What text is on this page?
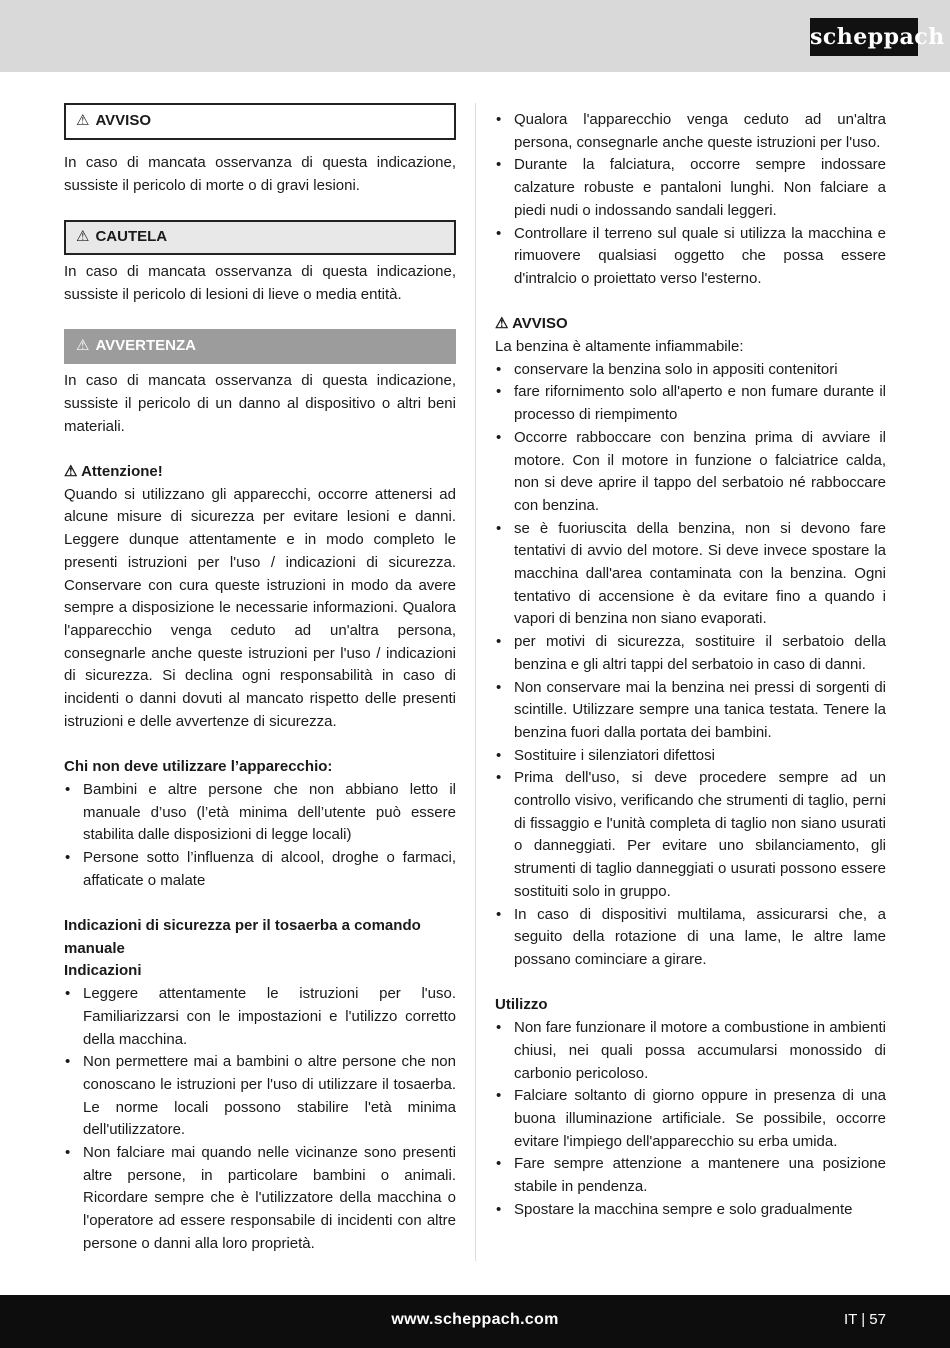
scheppach
⚠ AVVISO

In caso di mancata osservanza di questa indicazione, sussiste il pericolo di morte o di gravi lesioni.

⚠ CAUTELA

In caso di mancata osservanza di questa indicazione, sussiste il pericolo di lesioni di lieve o media entità.

⚠ AVVERTENZA

In caso di mancata osservanza di questa indicazione, sussiste il pericolo di un danno al dispositivo o altri beni materiali.

⚠ Attenzione!

Quando si utilizzano gli apparecchi, occorre attenersi ad alcune misure di sicurezza per evitare lesioni e danni. Leggere dunque attentamente e in modo completo le presenti istruzioni per l'uso / indicazioni di sicurezza. Conservare con cura queste istruzioni in modo da avere sempre a disposizione le necessarie informazioni. Qualora l'apparecchio venga ceduto ad un'altra persona, consegnarle anche queste istruzioni per l'uso / indicazioni di sicurezza. Si declina ogni responsabilità in caso di incidenti o danni dovuti al mancato rispetto delle presenti istruzioni e delle avvertenze di sicurezza.

Chi non deve utilizzare l’apparecchio:

• Bambini e altre persone che non abbiano letto il manuale d’uso (l’età minima dell’utente può essere stabilita dalle disposizioni di legge locali)
• Persone sotto l’influenza di alcool, droghe o farmaci, affaticate o malate

Indicazioni di sicurezza per il tosaerba a comando manuale

Indicazioni

• Leggere attentamente le istruzioni per l'uso. Familiarizzarsi con le impostazioni e l'utilizzo corretto della macchina.
• Non permettere mai a bambini o altre persone che non conoscano le istruzioni per l'uso di utilizzare il tosaerba. Le norme locali possono stabilire l'età minima dell'utilizzatore.
• Non falciare mai quando nelle vicinanze sono presenti altre persone, in particolare bambini o animali. Ricordare sempre che è l'utilizzatore della macchina o l'operatore ad essere responsabile di incidenti con altre persone o danni alla loro proprietà.
• Qualora l'apparecchio venga ceduto ad un'altra persona, consegnarle anche queste istruzioni per l'uso.
• Durante la falciatura, occorre sempre indossare calzature robuste e pantaloni lunghi. Non falciare a piedi nudi o indossando sandali leggeri.
• Controllare il terreno sul quale si utilizza la macchina e rimuovere qualsiasi oggetto che possa essere d'intralcio o proiettato verso l'esterno.

⚠ AVVISO

La benzina è altamente infiammabile:

• conservare la benzina solo in appositi contenitori
• fare rifornimento solo all'aperto e non fumare durante il processo di riempimento
• Occorre rabboccare con benzina prima di avviare il motore. Con il motore in funzione o falciatrice calda, non si deve aprire il tappo del serbatoio né rabboccare con benzina.
• se è fuoriuscita della benzina, non si devono fare tentativi di avvio del motore. Si deve invece spostare la macchina dall'area contaminata con la benzina. Ogni tentativo di accensione è da evitare fino a quando i vapori di benzina non siano evaporati.
• per motivi di sicurezza, sostituire il serbatoio della benzina e gli altri tappi del serbatoio in caso di danni.
• Non conservare mai la benzina nei pressi di sorgenti di scintille. Utilizzare sempre una tanica testata. Tenere la benzina fuori dalla portata dei bambini.
• Sostituire i silenziatori difettosi
• Prima dell'uso, si deve procedere sempre ad un controllo visivo, verificando che strumenti di taglio, perni di fissaggio e l'unità completa di taglio non siano usurati o danneggiati. Per evitare uno sbilanciamento, gli strumenti di taglio danneggiati o usurati possono essere sostituiti solo in gruppo.
• In caso di dispositivi multilama, assicurarsi che, a seguito della rotazione di una lame, le altre lame possano cominciare a girare.

Utilizzo

• Non fare funzionare il motore a combustione in ambienti chiusi, nei quali possa accumularsi monossido di carbonio pericoloso.
• Falciare soltanto di giorno oppure in presenza di una buona illuminazione artificiale. Se possibile, occorre evitare l'impiego dell'apparecchio su erba umida.
• Fare sempre attenzione a mantenere una posizione stabile in pendenza.
• Spostare la macchina sempre e solo gradualmente
www.scheppach.com	IT | 57
